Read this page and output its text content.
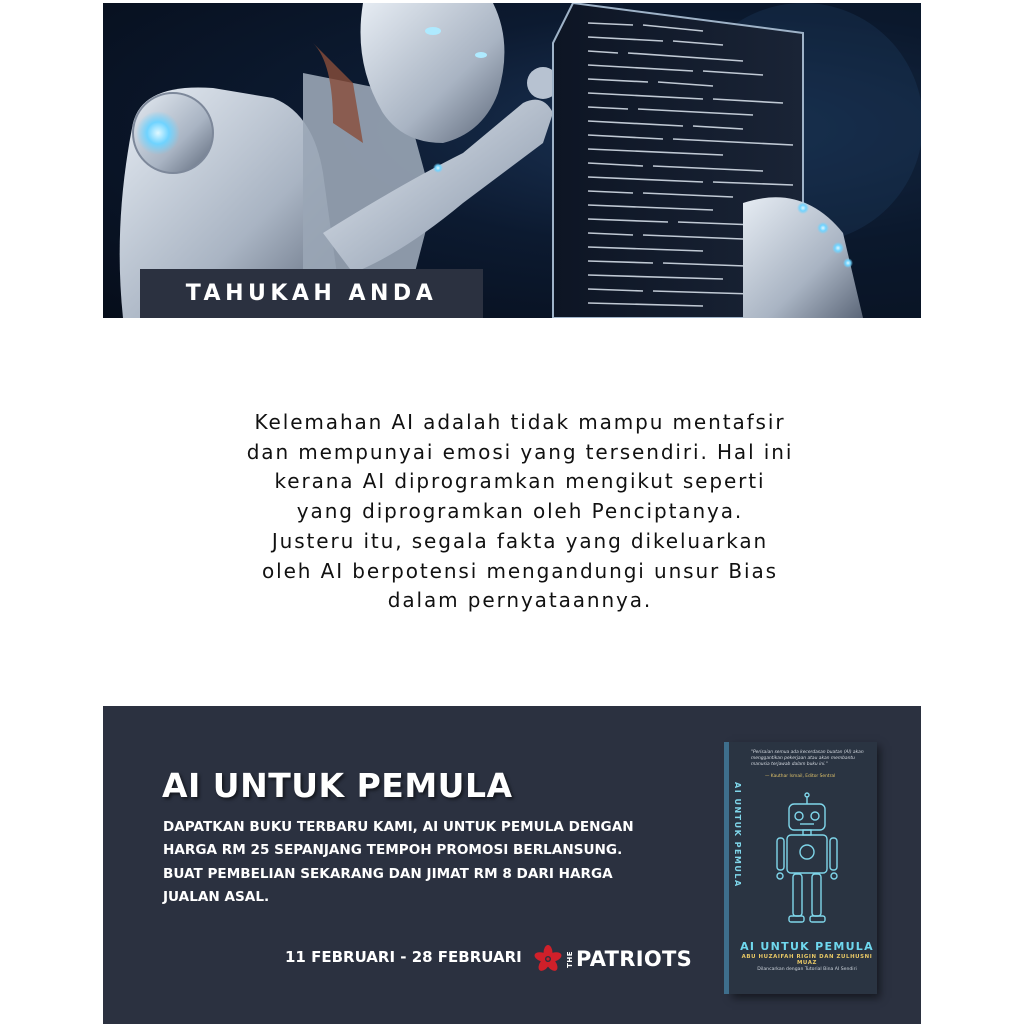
TAHUKAH ANDA

Kelemahan AI adalah tidak mampu mentafsir
dan mempunyai emosi yang tersendiri. Hal ini
kerana AI diprogramkan mengikut seperti
yang diprogramkan oleh Penciptanya.
Justeru itu, segala fakta yang dikeluarkan
oleh AI berpotensi mengandungi unsur Bias
dalam pernyataannya.

AI UNTUK PEMULA

DAPATKAN BUKU TERBARU KAMI, AI UNTUK PEMULA DENGAN
HARGA RM 25 SEPANJANG TEMPOH PROMOSI BERLANSUNG.
BUAT PEMBELIAN SEKARANG DAN JIMAT RM 8 DARI HARGA
JUALAN ASAL.

11 FEBRUARI - 28 FEBRUARI	THE PATRIOTS

"Perisaian semua ada kecerdasan buatan (AI) akan menggantikan pekerjaan atau akan membantu manusia terjawab dalam buku ini."

— Kauthar Ismail, Editor Sentral

AI UNTUK PEMULA

AI UNTUK PEMULA

ABU HUZAIFAH RIGIN DAN ZULHUSNI MUAZ

Dilancarkan dengan Tutorial Bina AI Sendiri
